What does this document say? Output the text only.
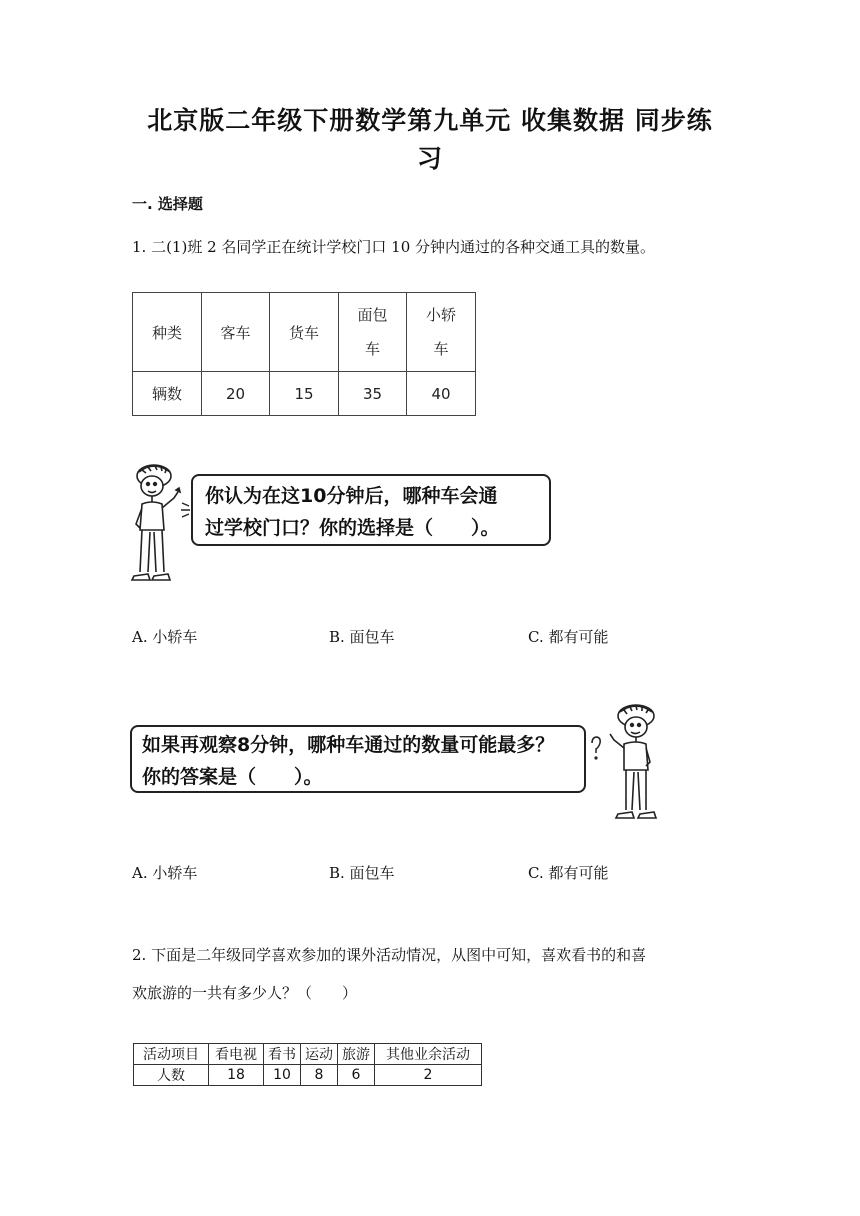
北京版二年级下册数学第九单元 收集数据 同步练
习
一. 选择题
1. 二(1)班 2 名同学正在统计学校门口 10 分钟内通过的各种交通工具的数量。
种类	客车	货车	面包车	小轿车
辆数	20	15	35	40
你认为在这10分钟后，哪种车会通
过学校门口？你的选择是（　　）。
A. 小轿车	B. 面包车	C. 都有可能
如果再观察8分钟，哪种车通过的数量可能最多？
你的答案是（　　）。
A. 小轿车	B. 面包车	C. 都有可能
2. 下面是二年级同学喜欢参加的课外活动情况，从图中可知，喜欢看书的和喜
欢旅游的一共有多少人？（　　）
活动项目	看电视	看书	运动	旅游	其他业余活动
人数	18	10	8	6	2
